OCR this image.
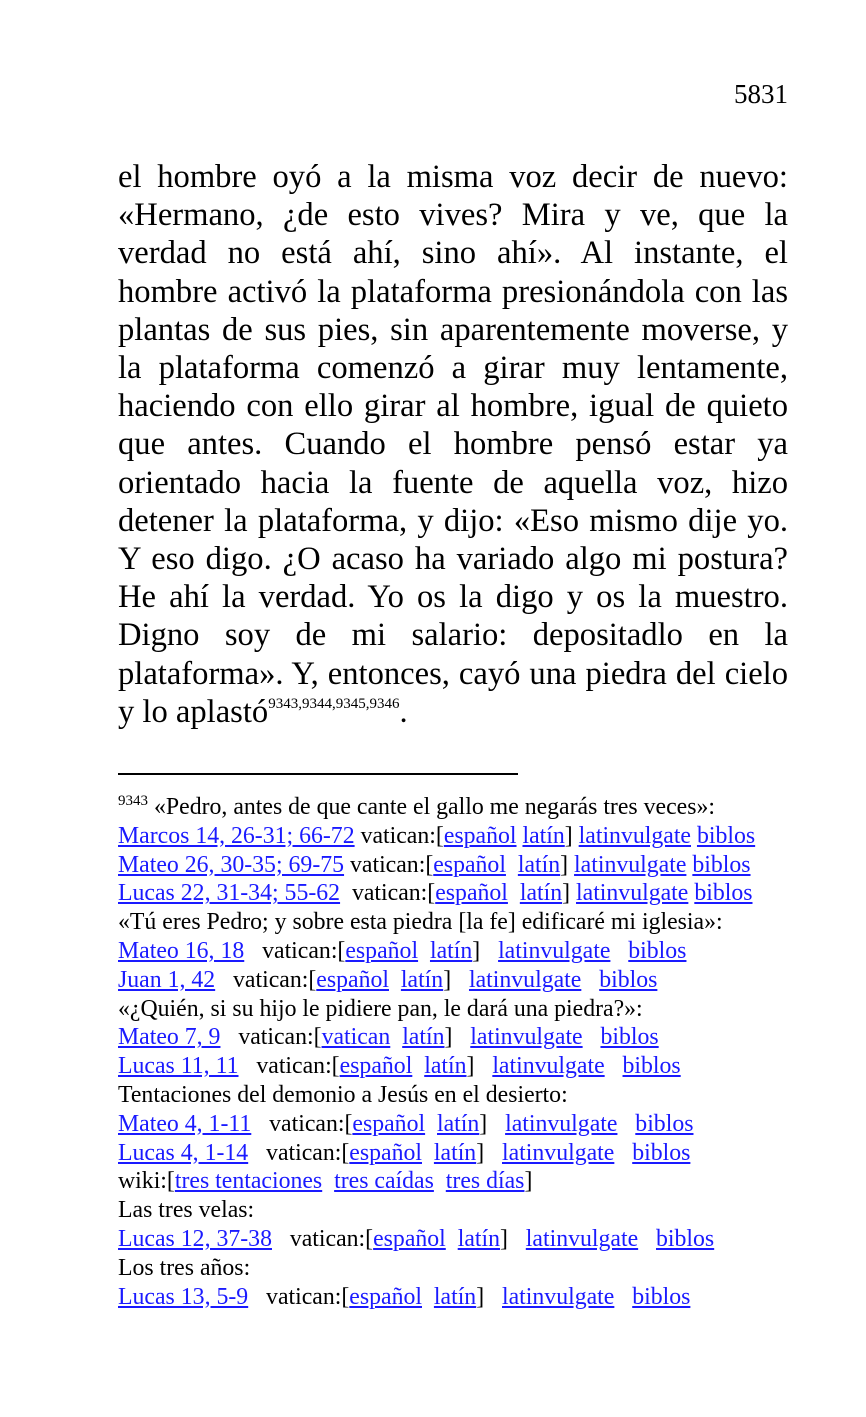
5831

el hombre oyó a la misma voz decir de nuevo: «Hermano, ¿de esto vives? Mira y ve, que la verdad no está ahí, sino ahí». Al instante, el hombre activó la plataforma presionándola con las plantas de sus pies, sin aparentemente moverse, y la plataforma comenzó a girar muy lentamente, haciendo con ello girar al hombre, igual de quieto que antes. Cuando el hombre pensó estar ya orientado hacia la fuente de aquella voz, hizo detener la plataforma, y dijo: «Eso mismo dije yo. Y eso digo. ¿O acaso ha variado algo mi postura? He ahí la verdad. Yo os la digo y os la muestro. Digno soy de mi salario: depositadlo en la plataforma». Y, entonces, cayó una piedra del cielo y lo aplastó$^{9343,9344,9345,9346}$.

$^{9343}$ «Pedro, antes de que cante el gallo me negarás tres veces»:
Marcos 14, 26-31; 66-72 vatican:[español latín] latinvulgate biblos
Mateo 26, 30-35; 69-75 vatican:[español latín] latinvulgate biblos
Lucas 22, 31-34; 55-62 vatican:[español latín] latinvulgate biblos
«Tú eres Pedro; y sobre esta piedra [la fe] edificaré mi iglesia»:
Mateo 16, 18 vatican:[español latín] latinvulgate biblos
Juan 1, 42 vatican:[español latín] latinvulgate biblos
«¿Quién, si su hijo le pidiere pan, le dará una piedra?»:
Mateo 7, 9 vatican:[vatican latín] latinvulgate biblos
Lucas 11, 11 vatican:[español latín] latinvulgate biblos
Tentaciones del demonio a Jesús en el desierto:
Mateo 4, 1-11 vatican:[español latín] latinvulgate biblos
Lucas 4, 1-14 vatican:[español latín] latinvulgate biblos
wiki:[tres tentaciones tres caídas tres días]
Las tres velas:
Lucas 12, 37-38 vatican:[español latín] latinvulgate biblos
Los tres años:
Lucas 13, 5-9 vatican:[español latín] latinvulgate biblos
